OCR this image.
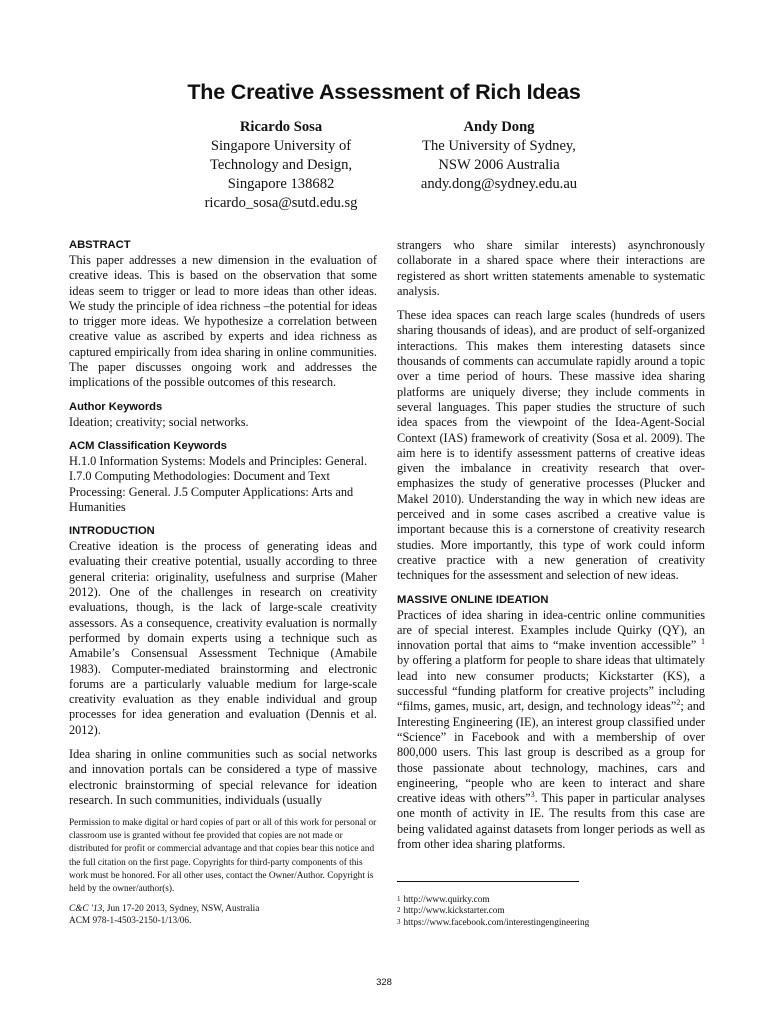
The Creative Assessment of Rich Ideas
Ricardo Sosa
Singapore University of
Technology and Design,
Singapore 138682
ricardo_sosa@sutd.edu.sg
Andy Dong
The University of Sydney,
NSW 2006 Australia
andy.dong@sydney.edu.au
ABSTRACT
This paper addresses a new dimension in the evaluation of creative ideas. This is based on the observation that some ideas seem to trigger or lead to more ideas than other ideas. We study the principle of idea richness –the potential for ideas to trigger more ideas. We hypothesize a correlation between creative value as ascribed by experts and idea richness as captured empirically from idea sharing in online communities. The paper discusses ongoing work and addresses the implications of the possible outcomes of this research.
Author Keywords
Ideation; creativity; social networks.
ACM Classification Keywords
H.1.0 Information Systems: Models and Principles: General. I.7.0 Computing Methodologies: Document and Text Processing: General. J.5 Computer Applications: Arts and Humanities
INTRODUCTION
Creative ideation is the process of generating ideas and evaluating their creative potential, usually according to three general criteria: originality, usefulness and surprise (Maher 2012). One of the challenges in research on creativity evaluations, though, is the lack of large-scale creativity assessors. As a consequence, creativity evaluation is normally performed by domain experts using a technique such as Amabile’s Consensual Assessment Technique (Amabile 1983). Computer-mediated brainstorming and electronic forums are a particularly valuable medium for large-scale creativity evaluation as they enable individual and group processes for idea generation and evaluation (Dennis et al. 2012).
Idea sharing in online communities such as social networks and innovation portals can be considered a type of massive electronic brainstorming of special relevance for ideation research. In such communities, individuals (usually
Permission to make digital or hard copies of part or all of this work for personal or classroom use is granted without fee provided that copies are not made or distributed for profit or commercial advantage and that copies bear this notice and the full citation on the first page. Copyrights for third-party components of this work must be honored. For all other uses, contact the Owner/Author. Copyright is held by the owner/author(s).
C&C '13, Jun 17-20 2013, Sydney, NSW, Australia
ACM 978-1-4503-2150-1/13/06.
strangers who share similar interests) asynchronously collaborate in a shared space where their interactions are registered as short written statements amenable to systematic analysis.
These idea spaces can reach large scales (hundreds of users sharing thousands of ideas), and are product of self-organized interactions. This makes them interesting datasets since thousands of comments can accumulate rapidly around a topic over a time period of hours. These massive idea sharing platforms are uniquely diverse; they include comments in several languages. This paper studies the structure of such idea spaces from the viewpoint of the Idea-Agent-Social Context (IAS) framework of creativity (Sosa et al. 2009). The aim here is to identify assessment patterns of creative ideas given the imbalance in creativity research that over-emphasizes the study of generative processes (Plucker and Makel 2010). Understanding the way in which new ideas are perceived and in some cases ascribed a creative value is important because this is a cornerstone of creativity research studies. More importantly, this type of work could inform creative practice with a new generation of creativity techniques for the assessment and selection of new ideas.
MASSIVE ONLINE IDEATION
Practices of idea sharing in idea-centric online communities are of special interest. Examples include Quirky (QY), an innovation portal that aims to “make invention accessible” $^1$ by offering a platform for people to share ideas that ultimately lead into new consumer products; Kickstarter (KS), a successful “funding platform for creative projects” including “films, games, music, art, design, and technology ideas”$^2$; and Interesting Engineering (IE), an interest group classified under “Science” in Facebook and with a membership of over 800,000 users. This last group is described as a group for those passionate about technology, machines, cars and engineering, “people who are keen to interact and share creative ideas with others”$^3$. This paper in particular analyses one month of activity in IE. The results from this case are being validated against datasets from longer periods as well as from other idea sharing platforms.
$^1$ http://www.quirky.com
$^2$ http://www.kickstarter.com
$^3$ https://www.facebook.com/interestingengineering
328
